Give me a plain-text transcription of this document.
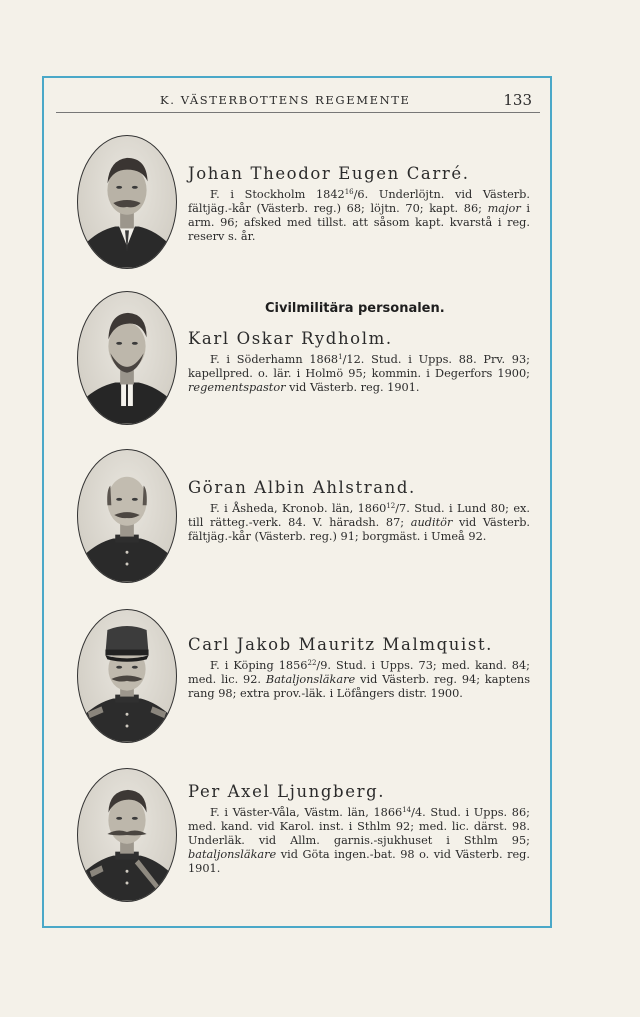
K. VÄSTERBOTTENS REGEMENTE	133
Johan Theodor Eugen Carré.

F. i Stockholm 1842$^{16}$/6. Underlöjtn. vid Västerb. fältjäg.-kår (Västerb. reg.) 68; löjtn. 70; kapt. 86; major i arm. 96; afsked med tillst. att såsom kapt. kvarstå i reg. reserv s. år.

Civilmilitära personalen.
Karl Oskar Rydholm.

F. i Söderhamn 1868$^1$/12. Stud. i Upps. 88. Prv. 93; kapellpred. o. lär. i Holmö 95; kommin. i Degerfors 1900; regementspastor vid Västerb. reg. 1901.

Göran Albin Ahlstrand.

F. i Åsheda, Kronob. län, 1860$^{12}$/7. Stud. i Lund 80; ex. till rätteg.-verk. 84. V. häradsh. 87; auditör vid Västerb. fältjäg.-kår (Västerb. reg.) 91; borgmäst. i Umeå 92.

Carl Jakob Mauritz Malmquist.

F. i Köping 1856$^{22}$/9. Stud. i Upps. 73; med. kand. 84; med. lic. 92. Bataljonsläkare vid Västerb. reg. 94; kaptens rang 98; extra prov.-läk. i Löfångers distr. 1900.

Per Axel Ljungberg.

F. i Väster-Våla, Västm. län, 1866$^{14}$/4. Stud. i Upps. 86; med. kand. vid Karol. inst. i Sthlm 92; med. lic. därst. 98. Underläk. vid Allm. garnis.-sjukhuset i Sthlm 95; bataljonsläkare vid Göta ingen.-bat. 98 o. vid Västerb. reg. 1901.
